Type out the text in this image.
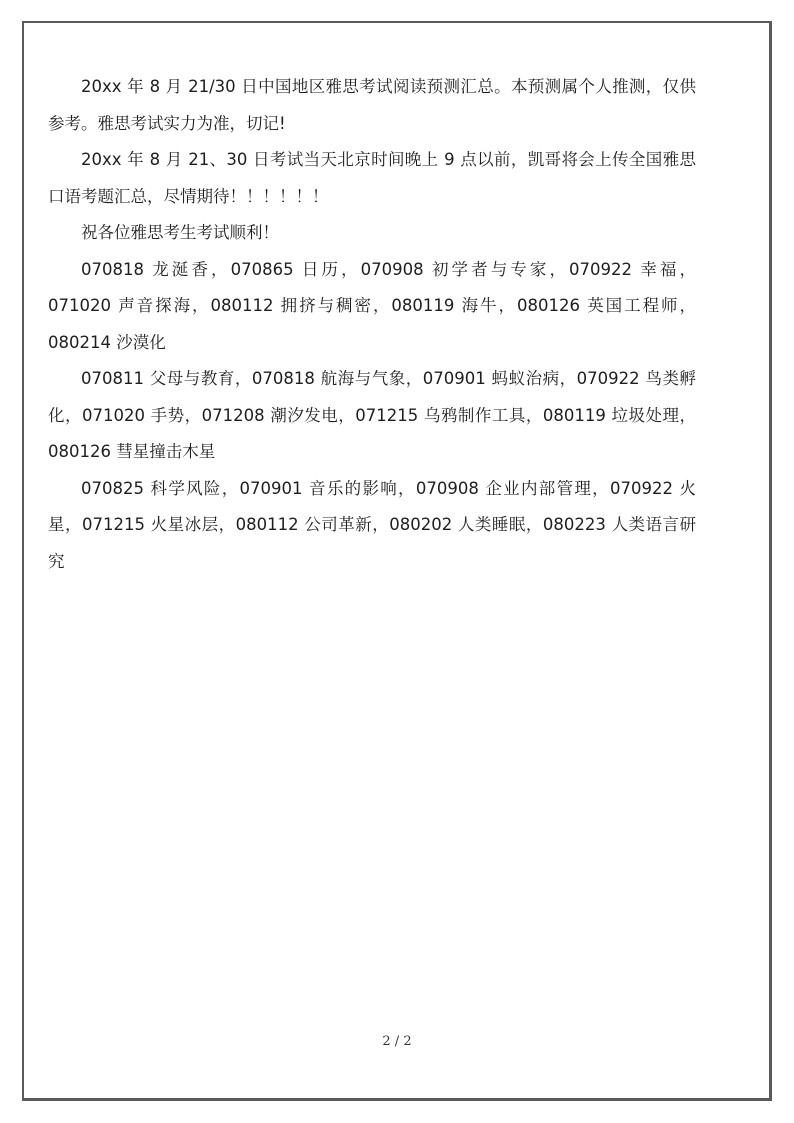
20xx 年 8 月 21/30 日中国地区雅思考试阅读预测汇总。本预测属个人推测，仅供参考。雅思考试实力为准，切记!

20xx 年 8 月 21、30 日考试当天北京时间晚上 9 点以前，凯哥将会上传全国雅思口语考题汇总，尽情期待！！！！！！

祝各位雅思考生考试顺利！

070818 龙涎香，070865 日历，070908 初学者与专家，070922 幸福，071020 声音探海，080112 拥挤与稠密，080119 海牛，080126 英国工程师，080214 沙漠化

070811 父母与教育，070818 航海与气象，070901 蚂蚁治病，070922 鸟类孵化，071020 手势，071208 潮汐发电，071215 乌鸦制作工具，080119 垃圾处理，080126 彗星撞击木星

070825 科学风险，070901 音乐的影响，070908 企业内部管理，070922 火星，071215 火星冰层，080112 公司革新，080202 人类睡眠，080223 人类语言研究

2 / 2
